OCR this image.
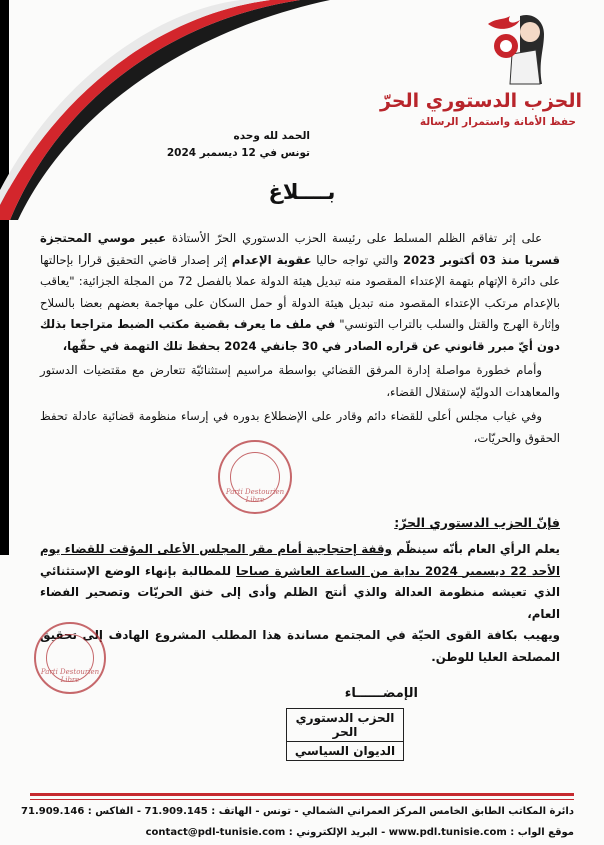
الحزب الدستوري الحرّ
حفظ الأمانة واستمرار الرسالة
الحمد لله وحده
تونس في 12 ديسمبر 2024
بــــلاغ

على إثر تفاقم الظلم المسلط على رئيسة الحزب الدستوري الحرّ الأستاذة عبير موسي المحتجزة قسريا منذ 03 أكتوبر 2023 والتي تواجه حاليا عقوبة الإعدام إثر إصدار قاضي التحقيق قرارا بإحالتها على دائرة الإتهام بتهمة الإعتداء المقصود منه تبديل هيئة الدولة عملا بالفصل 72 من المجلة الجزائية: "يعاقب بالإعدام مرتكب الإعتداء المقصود منه تبديل هيئة الدولة أو حمل السكان على مهاجمة بعضهم بعضا بالسلاح وإثارة الهرج والقتل والسلب بالتراب التونسي" في ملف ما يعرف بقضية مكتب الضبط متراجعا بذلك دون أيّ مبرر قانوني عن قراره الصادر في 30 جانفي 2024 بحفظ تلك التهمة في حقّها،

وأمام خطورة مواصلة إدارة المرفق القضائي بواسطة مراسيم إستثنائيّة تتعارض مع مقتضيات الدستور والمعاهدات الدوليّة لإستقلال القضاء،

وفي غياب مجلس أعلى للقضاء دائم وقادر على الإضطلاع بدوره في إرساء منظومة قضائية عادلة تحفظ الحقوق والحريّات،

Parti Destourien Libre
فإنّ الحزب الدستوري الحرّ:
يعلم الرأي العام بأنّه سينظّم وقفة إحتجاجية أمام مقر المجلس الأعلى المؤقت للقضاء يوم الأحد 22 ديسمبر 2024 بداية من الساعة العاشرة صباحا للمطالبة بإنهاء الوضع الإستثنائي الذي تعيشه منظومة العدالة والذي أنتج الظلم وأدى إلى خنق الحريّات وتصحير الفضاء العام،
ويهيب بكافة القوى الحيّة في المجتمع مساندة هذا المطلب المشروع الهادف إلى تحقيق المصلحة العليا للوطن.
Parti Destourien Libre
الإمضــــــاء
الحزب الدستوري الحر
الديوان السياسي
دائرة المكاتب الطابق الخامس المركز العمراني الشمالي - تونس - الهاتف : 71.909.145 - الفاكس : 71.909.146
موقع الواب : www.pdl.tunisie.com - البريد الإلكتروني : contact@pdl-tunisie.com
